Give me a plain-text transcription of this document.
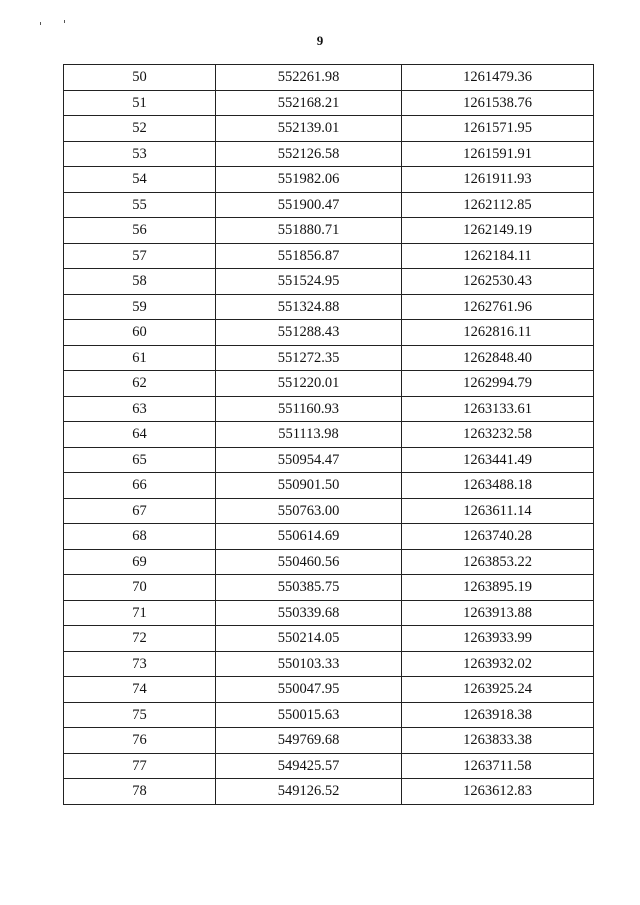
9
50	552261.98	1261479.36
51	552168.21	1261538.76
52	552139.01	1261571.95
53	552126.58	1261591.91
54	551982.06	1261911.93
55	551900.47	1262112.85
56	551880.71	1262149.19
57	551856.87	1262184.11
58	551524.95	1262530.43
59	551324.88	1262761.96
60	551288.43	1262816.11
61	551272.35	1262848.40
62	551220.01	1262994.79
63	551160.93	1263133.61
64	551113.98	1263232.58
65	550954.47	1263441.49
66	550901.50	1263488.18
67	550763.00	1263611.14
68	550614.69	1263740.28
69	550460.56	1263853.22
70	550385.75	1263895.19
71	550339.68	1263913.88
72	550214.05	1263933.99
73	550103.33	1263932.02
74	550047.95	1263925.24
75	550015.63	1263918.38
76	549769.68	1263833.38
77	549425.57	1263711.58
78	549126.52	1263612.83
